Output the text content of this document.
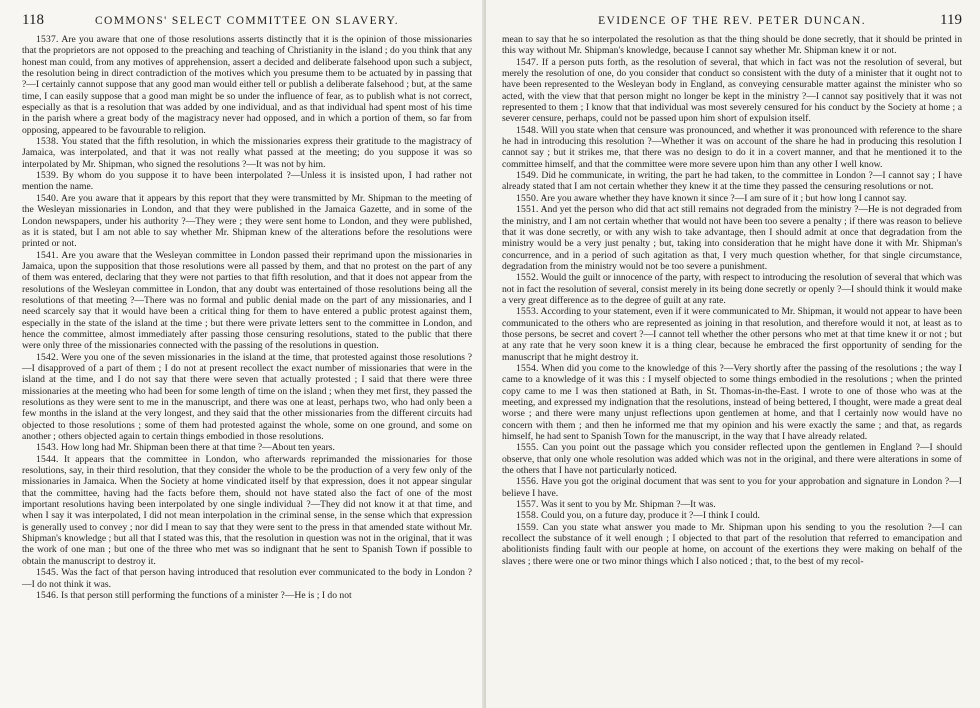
118	COMMONS' SELECT COMMITTEE ON SLAVERY.

1537. Are you aware that one of those resolutions asserts distinctly that it is the opinion of those missionaries that the proprietors are not opposed to the preaching and teaching of Christianity in the island ; do you think that any honest man could, from any motives of apprehension, assert a decided and deliberate falsehood upon such a subject, the resolution being in direct contradiction of the motives which you presume them to be actuated by in passing that ?—I certainly cannot suppose that any good man would either tell or publish a deliberate falsehood ; but, at the same time, I can easily suppose that a good man might be so under the influence of fear, as to publish what is not correct, especially as that is a resolution that was added by one individual, and as that individual had spent most of his time in the parish where a great body of the magistracy never had opposed, and in which a portion of them, so far from opposing, appeared to be favourable to religion.

1538. You stated that the fifth resolution, in which the missionaries express their gratitude to the magistracy of Jamaica, was interpolated, and that it was not really what passed at the meeting; do you suppose it was so interpolated by Mr. Shipman, who signed the resolutions ?—It was not by him.

1539. By whom do you suppose it to have been interpolated ?—Unless it is insisted upon, I had rather not mention the name.

1540. Are you aware that it appears by this report that they were transmitted by Mr. Shipman to the meeting of the Wesleyan missionaries in London, and that they were published in the Jamaica Gazette, and in some of the London newspapers, under his authority ?—They were ; they were sent home to London, and they were published, as it is stated, but I am not able to say whether Mr. Shipman knew of the alterations before the resolutions were printed or not.

1541. Are you aware that the Wesleyan committee in London passed their reprimand upon the missionaries in Jamaica, upon the supposition that those resolutions were all passed by them, and that no protest on the part of any of them was entered, declaring that they were not parties to that fifth resolution, and that it does not appear from the resolutions of the Wesleyan committee in London, that any doubt was entertained of those resolutions being all the resolutions of that meeting ?—There was no formal and public denial made on the part of any missionaries, and I need scarcely say that it would have been a critical thing for them to have entered a public protest against them, especially in the state of the island at the time ; but there were private letters sent to the committee in London, and hence the committee, almost immediately after passing those censuring resolutions, stated to the public that there were only three of the missionaries connected with the passing of the resolutions in question.

1542. Were you one of the seven missionaries in the island at the time, that protested against those resolutions ?—I disapproved of a part of them ; I do not at present recollect the exact number of missionaries that were in the island at the time, and I do not say that there were seven that actually protested ; I said that there were three missionaries at the meeting who had been for some length of time on the island ; when they met first, they passed the resolutions as they were sent to me in the manuscript, and there was one at least, perhaps two, who had only been a few months in the island at the very longest, and they said that the other missionaries from the different circuits had objected to those resolutions ; some of them had protested against the whole, some on one ground, and some on another ; others objected again to certain things embodied in those resolutions.

1543. How long had Mr. Shipman been there at that time ?—About ten years.

1544. It appears that the committee in London, who afterwards reprimanded the missionaries for those resolutions, say, in their third resolution, that they consider the whole to be the production of a very few only of the missionaries in Jamaica. When the Society at home vindicated itself by that expression, does it not appear singular that the committee, having had the facts before them, should not have stated also the fact of one of the most important resolutions having been interpolated by one single individual ?—They did not know it at that time, and when I say it was interpolated, I did not mean interpolation in the criminal sense, in the sense which that expression is generally used to convey ; nor did I mean to say that they were sent to the press in that amended state without Mr. Shipman's knowledge ; but all that I stated was this, that the resolution in question was not in the original, that it was the work of one man ; but one of the three who met was so indignant that he sent to Spanish Town if possible to obtain the manuscript to destroy it.

1545. Was the fact of that person having introduced that resolution ever communicated to the body in London ?—I do not think it was.

1546. Is that person still performing the functions of a minister ?—He is ; I do not

EVIDENCE OF THE REV. PETER DUNCAN.	119

mean to say that he so interpolated the resolution as that the thing should be done secretly, that it should be printed in this way without Mr. Shipman's knowledge, because I cannot say whether Mr. Shipman knew it or not.

1547. If a person puts forth, as the resolution of several, that which in fact was not the resolution of several, but merely the resolution of one, do you consider that conduct so consistent with the duty of a minister that it ought not to have been represented to the Wesleyan body in England, as conveying censurable matter against the minister who so acted, with the view that that person might no longer be kept in the ministry ?—I cannot say positively that it was not represented to them ; I know that that individual was most severely censured for his conduct by the Society at home ; a severer censure, perhaps, could not be passed upon him short of expulsion itself.

1548. Will you state when that censure was pronounced, and whether it was pronounced with reference to the share he had in introducing this resolution ?—Whether it was on account of the share he had in producing this resolution I cannot say ; but it strikes me, that there was no design to do it in a covert manner, and that he mentioned it to the committee himself, and that the committee were more severe upon him than any other I well know.

1549. Did he communicate, in writing, the part he had taken, to the committee in London ?—I cannot say ; I have already stated that I am not certain whether they knew it at the time they passed the censuring resolutions or not.

1550. Are you aware whether they have known it since ?—I am sure of it ; but how long I cannot say.

1551. And yet the person who did that act still remains not degraded from the ministry ?—He is not degraded from the ministry, and I am not certain whether that would not have been too severe a penalty ; if there was reason to believe that it was done secretly, or with any wish to take advantage, then I should admit at once that degradation from the ministry would be a very just penalty ; but, taking into consideration that he might have done it with Mr. Shipman's concurrence, and in a period of such agitation as that, I very much question whether, for that single circumstance, degradation from the ministry would not be too severe a punishment.

1552. Would the guilt or innocence of the party, with respect to introducing the resolution of several that which was not in fact the resolution of several, consist merely in its being done secretly or openly ?—I should think it would make a very great difference as to the degree of guilt at any rate.

1553. According to your statement, even if it were communicated to Mr. Shipman, it would not appear to have been communicated to the others who are represented as joining in that resolution, and therefore would it not, at least as to those persons, be secret and covert ?—I cannot tell whether the other persons who met at that time knew it or not ; but at any rate that he very soon knew it is a thing clear, because he embraced the first opportunity of sending for the manuscript that he might destroy it.

1554. When did you come to the knowledge of this ?—Very shortly after the passing of the resolutions ; the way I came to a knowledge of it was this : I myself objected to some things embodied in the resolutions ; when the printed copy came to me I was then stationed at Bath, in St. Thomas-in-the-East. I wrote to one of those who was at the meeting, and expressed my indignation that the resolutions, instead of being bettered, I thought, were made a great deal worse ; and there were many unjust reflections upon gentlemen at home, and that I certainly now would have no concern with them ; and then he informed me that my opinion and his were exactly the same ; and that, as regards himself, he had sent to Spanish Town for the manuscript, in the way that I have already related.

1555. Can you point out the passage which you consider reflected upon the gentlemen in England ?—I should observe, that only one whole resolution was added which was not in the original, and there were alterations in some of the others that I have not particularly noticed.

1556. Have you got the original document that was sent to you for your approbation and signature in London ?—I believe I have.

1557. Was it sent to you by Mr. Shipman ?—It was.

1558. Could you, on a future day, produce it ?—I think I could.

1559. Can you state what answer you made to Mr. Shipman upon his sending to you the resolution ?—I can recollect the substance of it well enough ; I objected to that part of the resolution that referred to emancipation and abolitionists finding fault with our people at home, on account of the exertions they were making on behalf of the slaves ; there were one or two minor things which I also noticed ; that, to the best of my recol-
